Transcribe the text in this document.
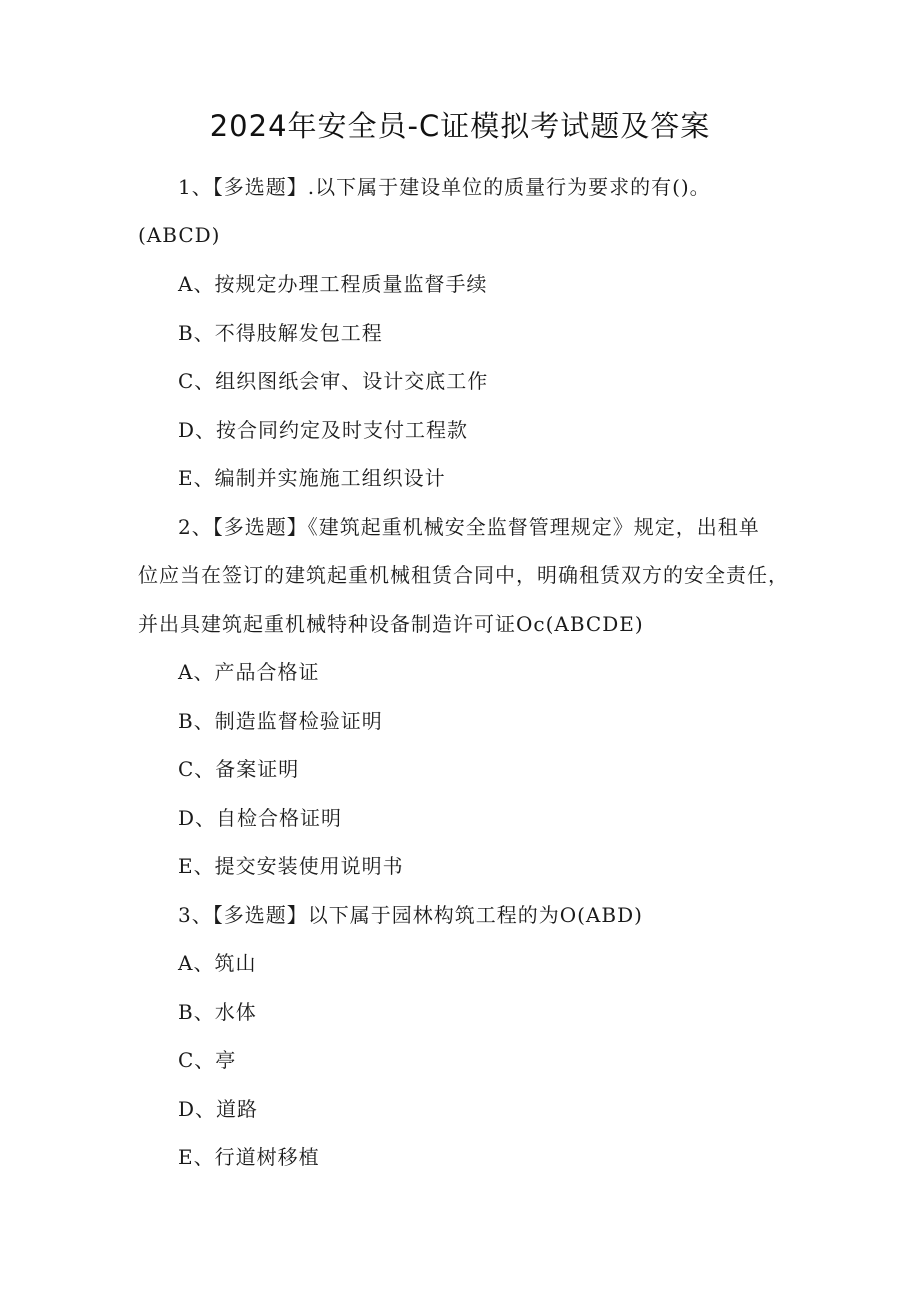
2024年安全员-C证模拟考试题及答案
1、【多选题】.以下属于建设单位的质量行为要求的有()。
(ABCD)
A、按规定办理工程质量监督手续
B、不得肢解发包工程
C、组织图纸会审、设计交底工作
D、按合同约定及时支付工程款
E、编制并实施施工组织设计
2、【多选题】《建筑起重机械安全监督管理规定》规定，出租单
位应当在签订的建筑起重机械租赁合同中，明确租赁双方的安全责任，
并出具建筑起重机械特种设备制造许可证Oc(ABCDE)
A、产品合格证
B、制造监督检验证明
C、备案证明
D、自检合格证明
E、提交安装使用说明书
3、【多选题】以下属于园林构筑工程的为O(ABD)
A、筑山
B、水体
C、亭
D、道路
E、行道树移植
